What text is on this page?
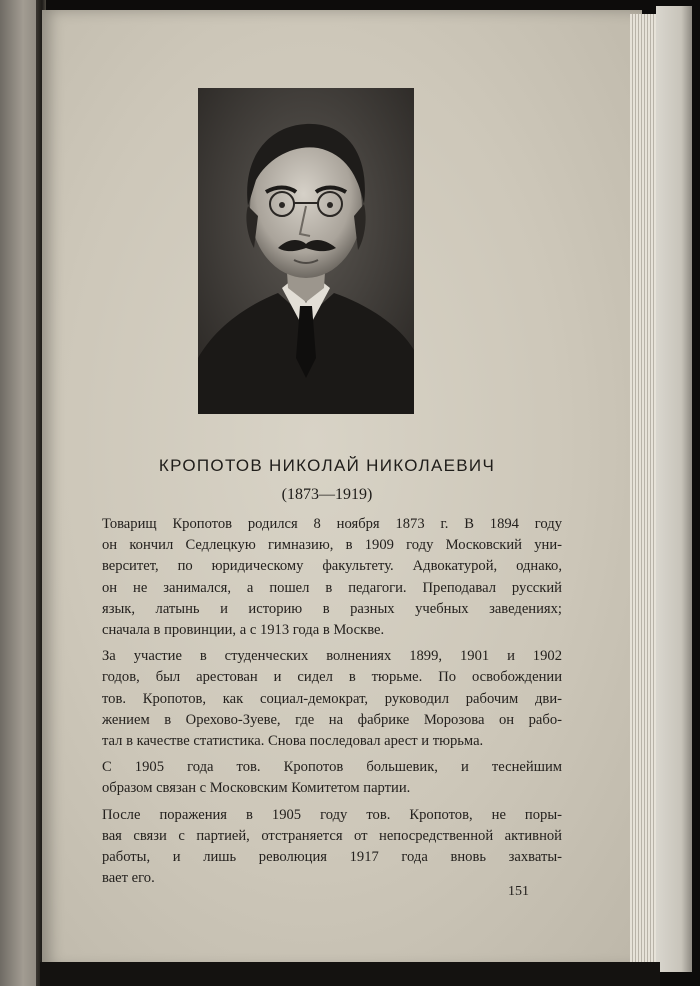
КРОПОТОВ НИКОЛАЙ НИКОЛАЕВИЧ
(1873—1919)
Товарищ Кропотов родился 8 ноября 1873 г. В 1894 году
он кончил Седлецкую гимназию, в 1909 году Московский уни-
верситет, по юридическому факультету. Адвокатурой, однако,
он не занимался, а пошел в педагоги. Преподавал русский
язык, латынь и историю в разных учебных заведениях;
сначала в провинции, а с 1913 года в Москве.
За участие в студенческих волнениях 1899, 1901 и 1902
годов, был арестован и сидел в тюрьме. По освобождении
тов. Кропотов, как социал-демократ, руководил рабочим дви-
жением в Орехово-Зуеве, где на фабрике Морозова он рабо-
тал в качестве статистика. Снова последовал арест и тюрьма.
С 1905 года тов. Кропотов большевик, и теснейшим
образом связан с Московским Комитетом партии.
После поражения в 1905 году тов. Кропотов, не поры-
вая связи с партией, отстраняется от непосредственной активной
работы, и лишь революция 1917 года вновь захваты-
вает его.
151
